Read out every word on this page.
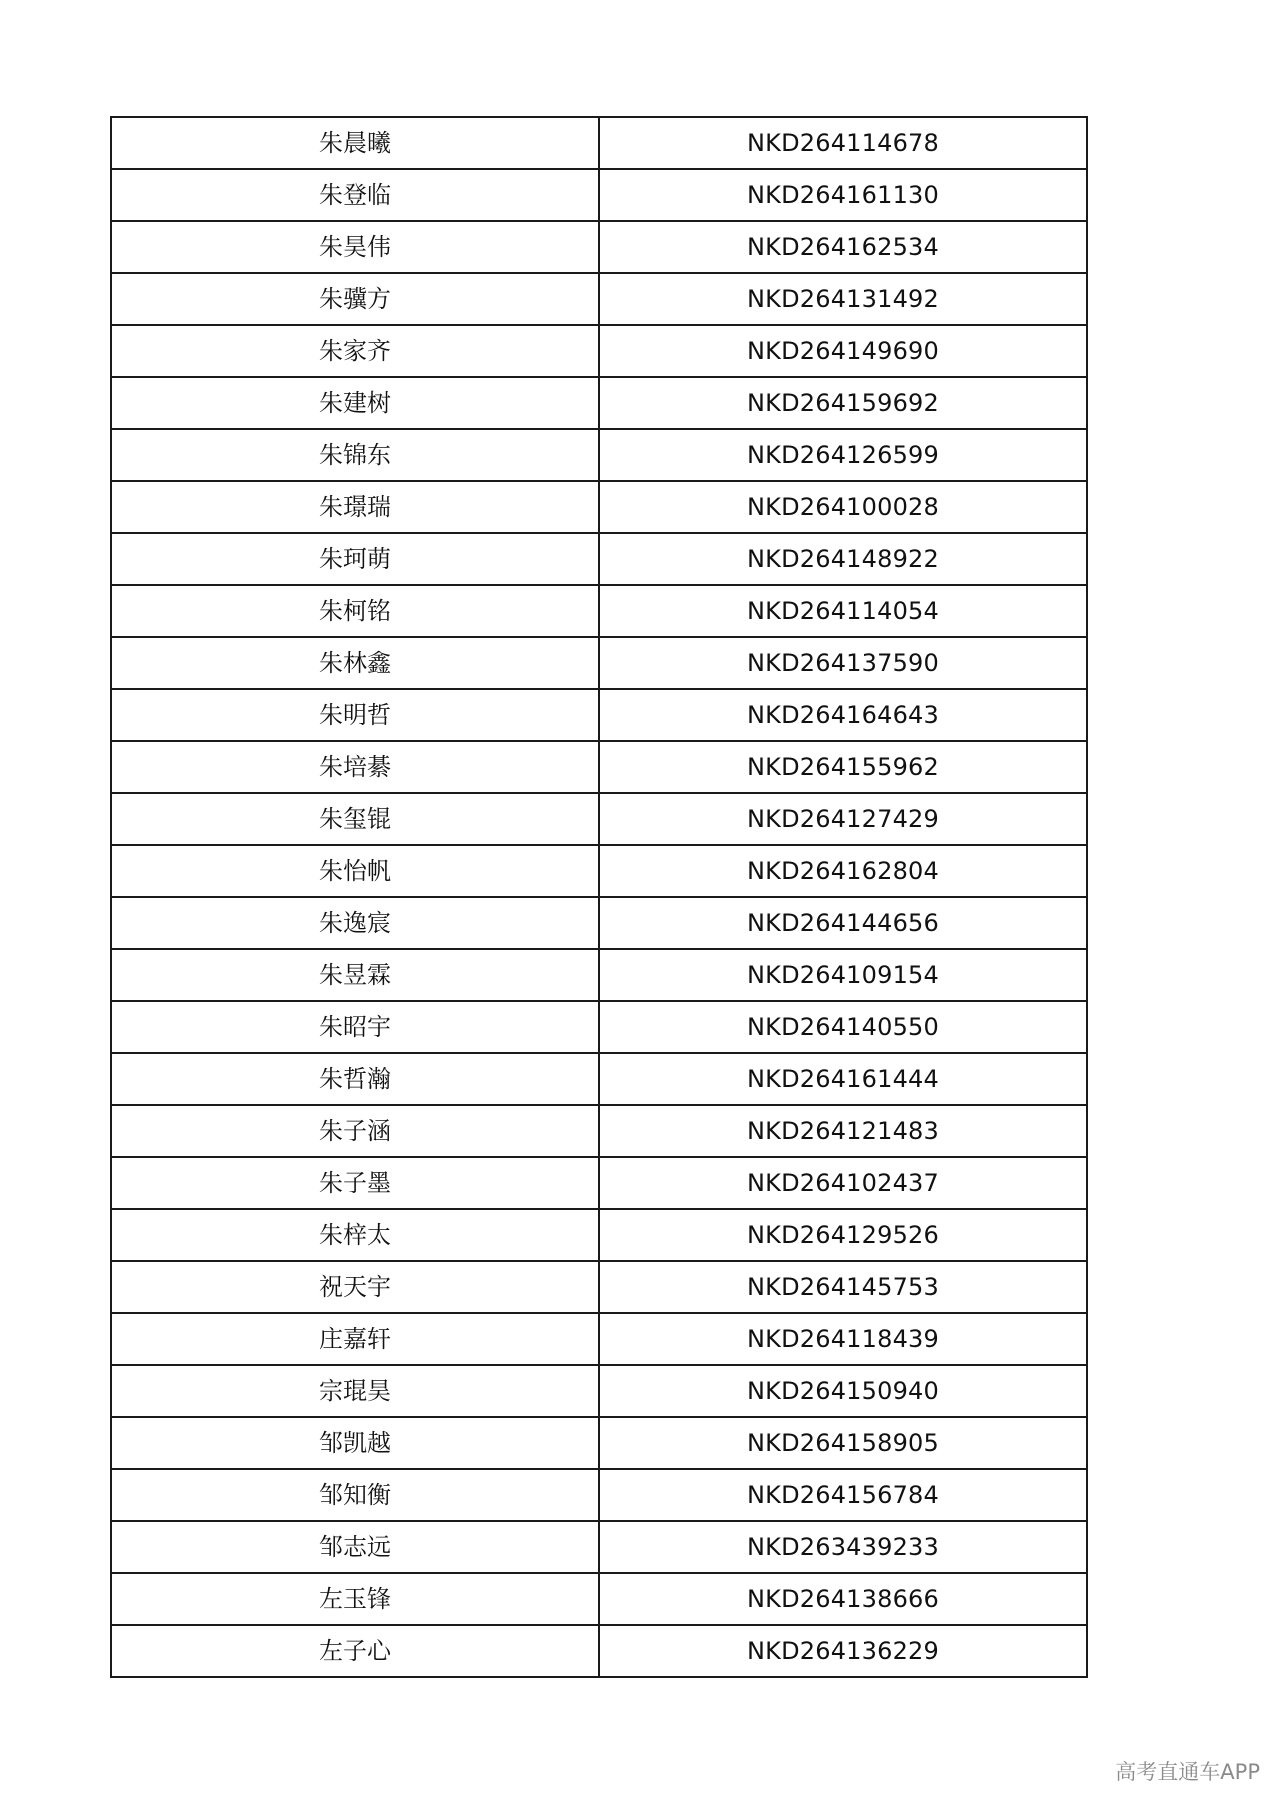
朱晨曦	NKD264114678
朱登临	NKD264161130
朱昊伟	NKD264162534
朱骥方	NKD264131492
朱家齐	NKD264149690
朱建树	NKD264159692
朱锦东	NKD264126599
朱璟瑞	NKD264100028
朱珂萌	NKD264148922
朱柯铭	NKD264114054
朱林鑫	NKD264137590
朱明哲	NKD264164643
朱培綦	NKD264155962
朱玺锟	NKD264127429
朱怡帆	NKD264162804
朱逸宸	NKD264144656
朱昱霖	NKD264109154
朱昭宇	NKD264140550
朱哲瀚	NKD264161444
朱子涵	NKD264121483
朱子墨	NKD264102437
朱梓太	NKD264129526
祝天宇	NKD264145753
庄嘉轩	NKD264118439
宗琨昊	NKD264150940
邹凯越	NKD264158905
邹知衡	NKD264156784
邹志远	NKD263439233
左玉锋	NKD264138666
左子心	NKD264136229
高考直通车APP
